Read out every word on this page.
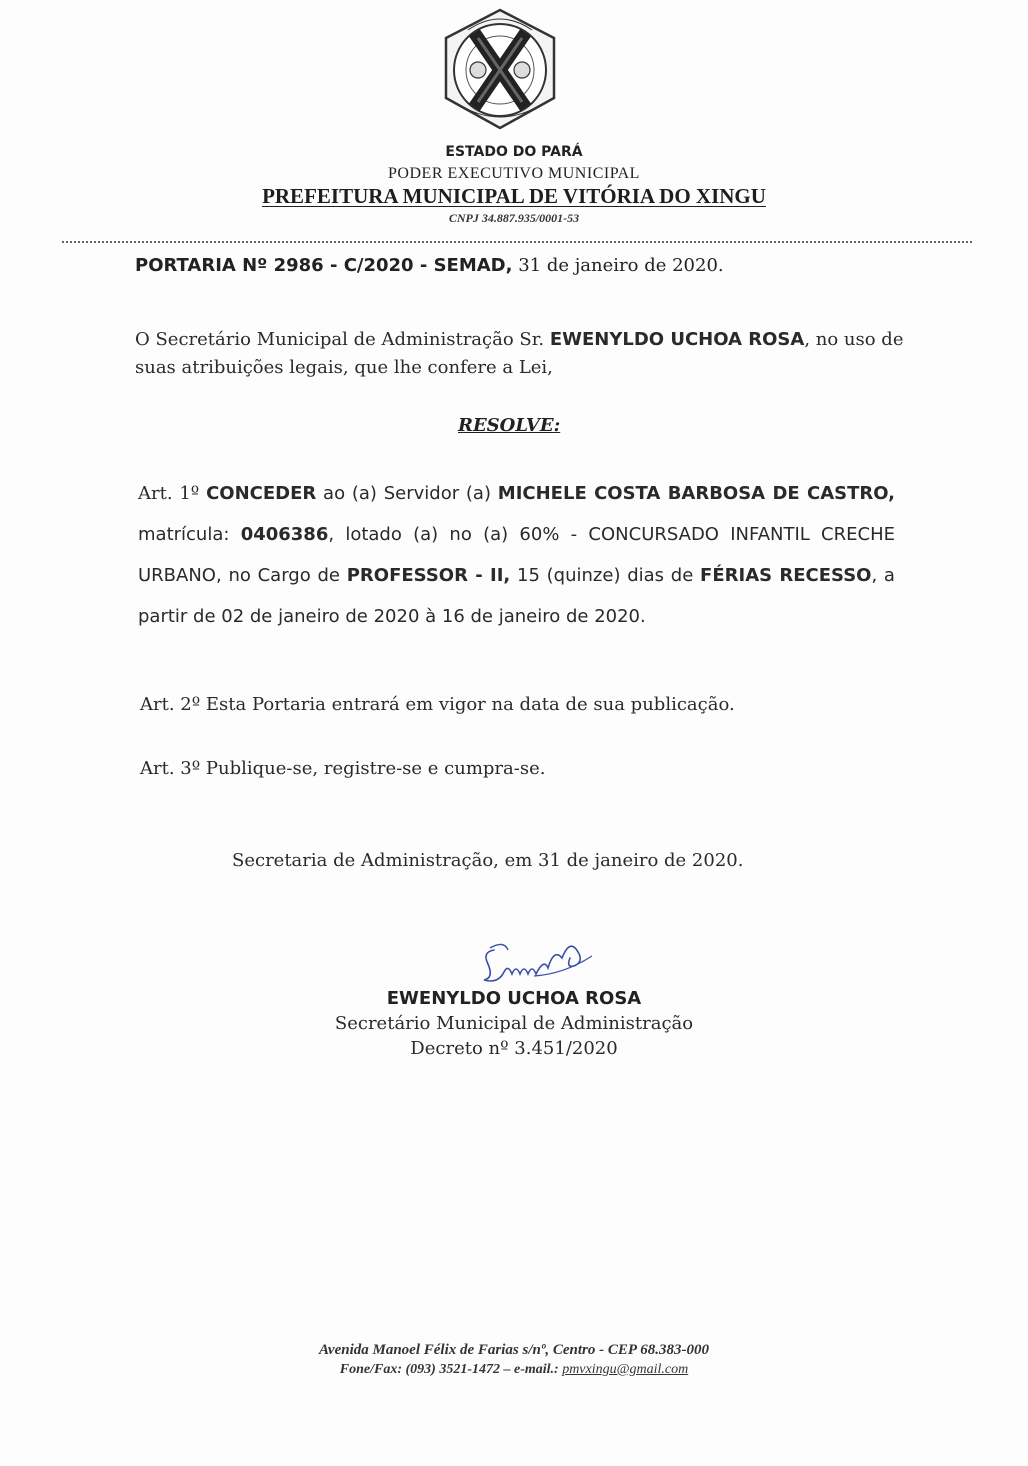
ESTADO DO PARÁ
PODER EXECUTIVO MUNICIPAL
PREFEITURA MUNICIPAL DE VITÓRIA DO XINGU
CNPJ 34.887.935/0001-53
PORTARIA Nº 2986 - C/2020 - SEMAD, 31 de janeiro de 2020.
O Secretário Municipal de Administração Sr. EWENYLDO UCHOA ROSA, no uso de suas atribuições legais, que lhe confere a Lei,
RESOLVE:
Art. 1º CONCEDER ao (a) Servidor (a) MICHELE COSTA BARBOSA DE CASTRO, matrícula: 0406386, lotado (a) no (a) 60% - CONCURSADO INFANTIL CRECHE URBANO, no Cargo de PROFESSOR - II, 15 (quinze) dias de FÉRIAS RECESSO, a partir de 02 de janeiro de 2020 à 16 de janeiro de 2020.
Art. 2º Esta Portaria entrará em vigor na data de sua publicação.
Art. 3º Publique-se, registre-se e cumpra-se.
Secretaria de Administração, em 31 de janeiro de 2020.
EWENYLDO UCHOA ROSA
Secretário Municipal de Administração
Decreto nº 3.451/2020
Avenida Manoel Félix de Farias s/nº, Centro - CEP 68.383-000
Fone/Fax: (093) 3521-1472 – e-mail.: pmvxingu@gmail.com
